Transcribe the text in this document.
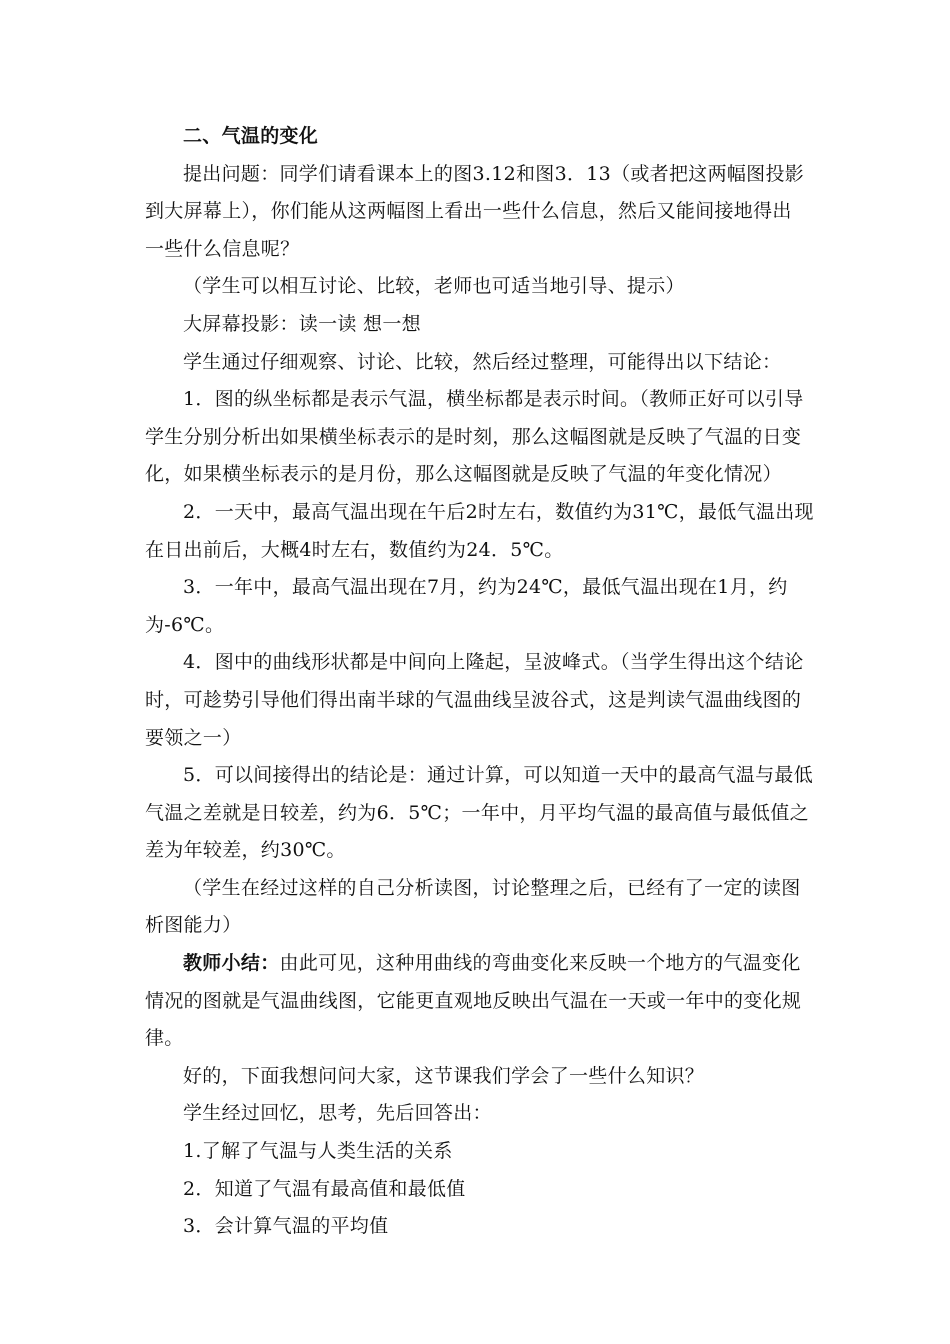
二、气温的变化

提出问题：同学们请看课本上的图3.12和图3．13（或者把这两幅图投影

到大屏幕上），你们能从这两幅图上看出一些什么信息，然后又能间接地得出

一些什么信息呢？

（学生可以相互讨论、比较，老师也可适当地引导、提示）

大屏幕投影：读一读 想一想

学生通过仔细观察、讨论、比较，然后经过整理，可能得出以下结论：

1．图的纵坐标都是表示气温，横坐标都是表示时间。（教师正好可以引导

学生分别分析出如果横坐标表示的是时刻，那么这幅图就是反映了气温的日变

化，如果横坐标表示的是月份，那么这幅图就是反映了气温的年变化情况）

2．一天中，最高气温出现在午后2时左右，数值约为31℃，最低气温出现

在日出前后，大概4时左右，数值约为24．5℃。

3．一年中，最高气温出现在7月，约为24℃，最低气温出现在1月，约

为-6℃。

4．图中的曲线形状都是中间向上隆起，呈波峰式。（当学生得出这个结论

时，可趁势引导他们得出南半球的气温曲线呈波谷式，这是判读气温曲线图的

要领之一）

5．可以间接得出的结论是：通过计算，可以知道一天中的最高气温与最低

气温之差就是日较差，约为6．5℃；一年中，月平均气温的最高值与最低值之

差为年较差，约30℃。

（学生在经过这样的自己分析读图，讨论整理之后，已经有了一定的读图

析图能力）

教师小结：由此可见，这种用曲线的弯曲变化来反映一个地方的气温变化

情况的图就是气温曲线图，它能更直观地反映出气温在一天或一年中的变化规

律。

好的，下面我想问问大家，这节课我们学会了一些什么知识？

学生经过回忆，思考，先后回答出：

1.了解了气温与人类生活的关系

2．知道了气温有最高值和最低值

3．会计算气温的平均值
